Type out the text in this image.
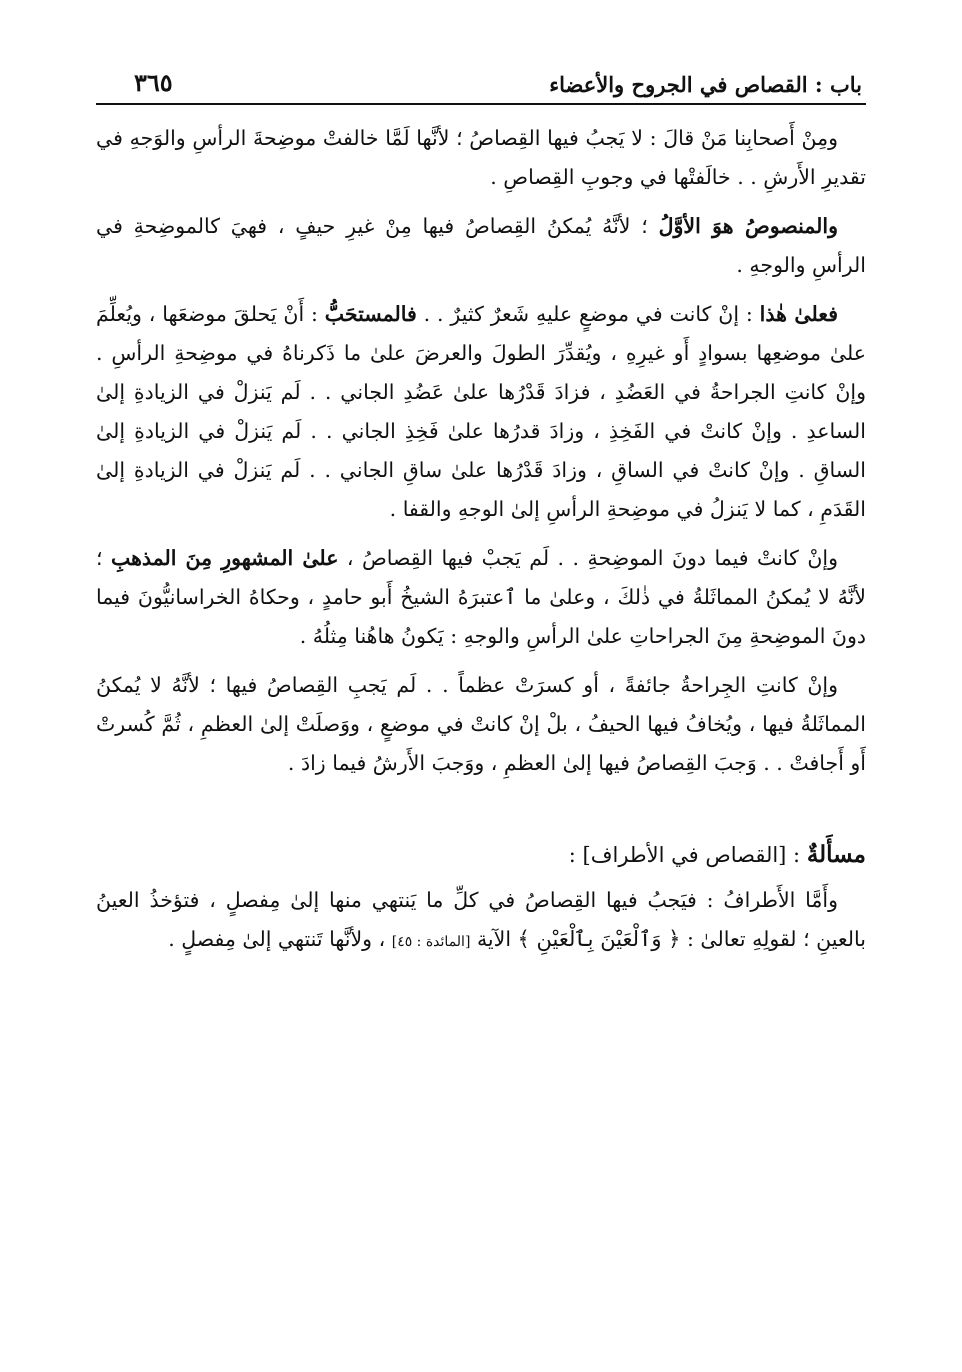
باب : القصاص في الجروح والأعضاء
٣٦٥

ومِنْ أَصحابِنا مَنْ قالَ : لا يَجبُ فيها القِصاصُ ؛ لأنَّها لَمَّا خالفتْ موضِحةَ الرأسِ والوَجهِ في تقديرِ الأَرشِ . . خالَفتْها في وجوبِ القِصاصِ .

والمنصوصُ هوَ الأوَّلُ ؛ لأنَّهُ يُمكنُ القِصاصُ فيها مِنْ غيرِ حيفٍ ، فهيَ كالموضِحةِ في الرأسِ والوجهِ .

فعلىٰ هٰذا : إنْ كانت في موضعٍ عليهِ شَعرٌ كثيرٌ . . فالمستحَبُّ : أَنْ يَحلقَ موضعَها ، ويُعلِّمَ علىٰ موضعِها بسوادٍ أَو غيرِهِ ، ويُقدِّرَ الطولَ والعرضَ علىٰ ما ذَكرناهُ في موضِحةِ الرأسِ . وإنْ كانتِ الجراحةُ في العَضُدِ ، فزادَ قَدْرُها علىٰ عَضُدِ الجاني . . لَم يَنزلْ في الزيادةِ إلىٰ الساعدِ . وإنْ كانتْ في الفَخِذِ ، وزادَ قدرُها علىٰ فَخِذِ الجاني . . لَم يَنزلْ في الزيادةِ إلىٰ الساقِ . وإنْ كانتْ في الساقِ ، وزادَ قَدْرُها علىٰ ساقِ الجاني . . لَم يَنزلْ في الزيادةِ إلىٰ القَدَمِ ، كما لا يَنزلُ في موضِحةِ الرأسِ إلىٰ الوجهِ والقفا .

وإنْ كانتْ فيما دونَ الموضِحةِ . . لَم يَجبْ فيها القِصاصُ ، علىٰ المشهورِ مِنَ المذهبِ ؛ لأنَّهُ لا يُمكنُ المماثَلةُ في ذٰلكَ ، وعلىٰ ما ٱعتبرَهُ الشيخُ أَبو حامدٍ ، وحكاهُ الخراسانيُّونَ فيما دونَ الموضِحةِ مِنَ الجراحاتِ علىٰ الرأسِ والوجهِ : يَكونُ هاهُنا مِثلُهُ .

وإنْ كانتِ الجِراحةُ جائفةً ، أو كسرَتْ عظماً . . لَم يَجبِ القِصاصُ فيها ؛ لأنَّهُ لا يُمكنُ المماثَلةُ فيها ، ويُخافُ فيها الحيفُ ، بلْ إنْ كانتْ في موضعٍ ، ووَصلَتْ إلىٰ العظمِ ، ثُمَّ كُسرتْ أَو أَجافتْ . . وَجبَ القِصاصُ فيها إلىٰ العظمِ ، ووَجبَ الأَرشُ فيما زادَ .

مسأَلةٌ : [القصاص في الأطراف] :

وأَمَّا الأَطرافُ : فيَجبُ فيها القِصاصُ في كلِّ ما يَنتهي منها إلىٰ مِفصلٍ ، فتؤخذُ العينُ بالعينِ ؛ لقولِهِ تعالىٰ : ﴿ وَٱلْعَيْنَ بِٱلْعَيْنِ ﴾ الآية [المائدة : ٤٥] ، ولأنَّها تَنتهي إلىٰ مِفصلٍ .
